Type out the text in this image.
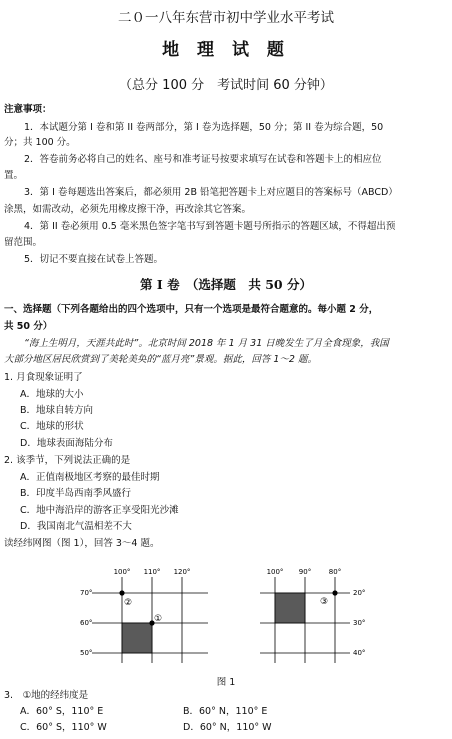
二０一八年东营市初中学业水平考试
地 理 试 题
（总分 100 分　考试时间 60 分钟）
注意事项：
1．本试题分第 I 卷和第 II 卷两部分，第 I 卷为选择题，50 分；第 II 卷为综合题，50
分；共 100 分。
2．答卷前务必将自己的姓名、座号和准考证号按要求填写在试卷和答题卡上的相应位
置。
3．第 I 卷每题选出答案后，都必须用 2B 铅笔把答题卡上对应题目的答案标号（ABCD）
涂黑，如需改动，必须先用橡皮擦干净，再改涂其它答案。
4．第 II 卷必须用 0.5 毫米黑色签字笔书写到答题卡题号所指示的答题区域，不得超出预
留范围。
5．切记不要直接在试卷上答题。
第 I 卷　（选择题　共 50 分）
一、选择题（下列各题给出的四个选项中，只有一个选项是最符合题意的。每小题 2 分，
共 50 分）
“海上生明月，天涯共此时”。北京时间 2018 年 1 月 31 日晚发生了月全食现象，我国
大部分地区居民欣赏到了美轮美奂的“蓝月亮”景观。据此，回答 1～2 题。
1. 月食现象证明了
A．地球的大小
B．地球自转方向
C．地球的形状
D．地球表面海陆分布
2. 该季节，下列说法正确的是
A．正值南极地区考察的最佳时期
B．印度半岛西南季风盛行
C．地中海沿岸的游客正享受阳光沙滩
D．我国南北气温相差不大
读经纬网图（图 1），回答 3～4 题。
100° 110° 120°
70°
60°
50°
②
①
100° 90°	80°
20°
30°
40°
③
图 1
3.　①地的经纬度是
A．60° S，110° E	B．60° N，110° E
C．60° S，110° W	D．60° N，110° W
